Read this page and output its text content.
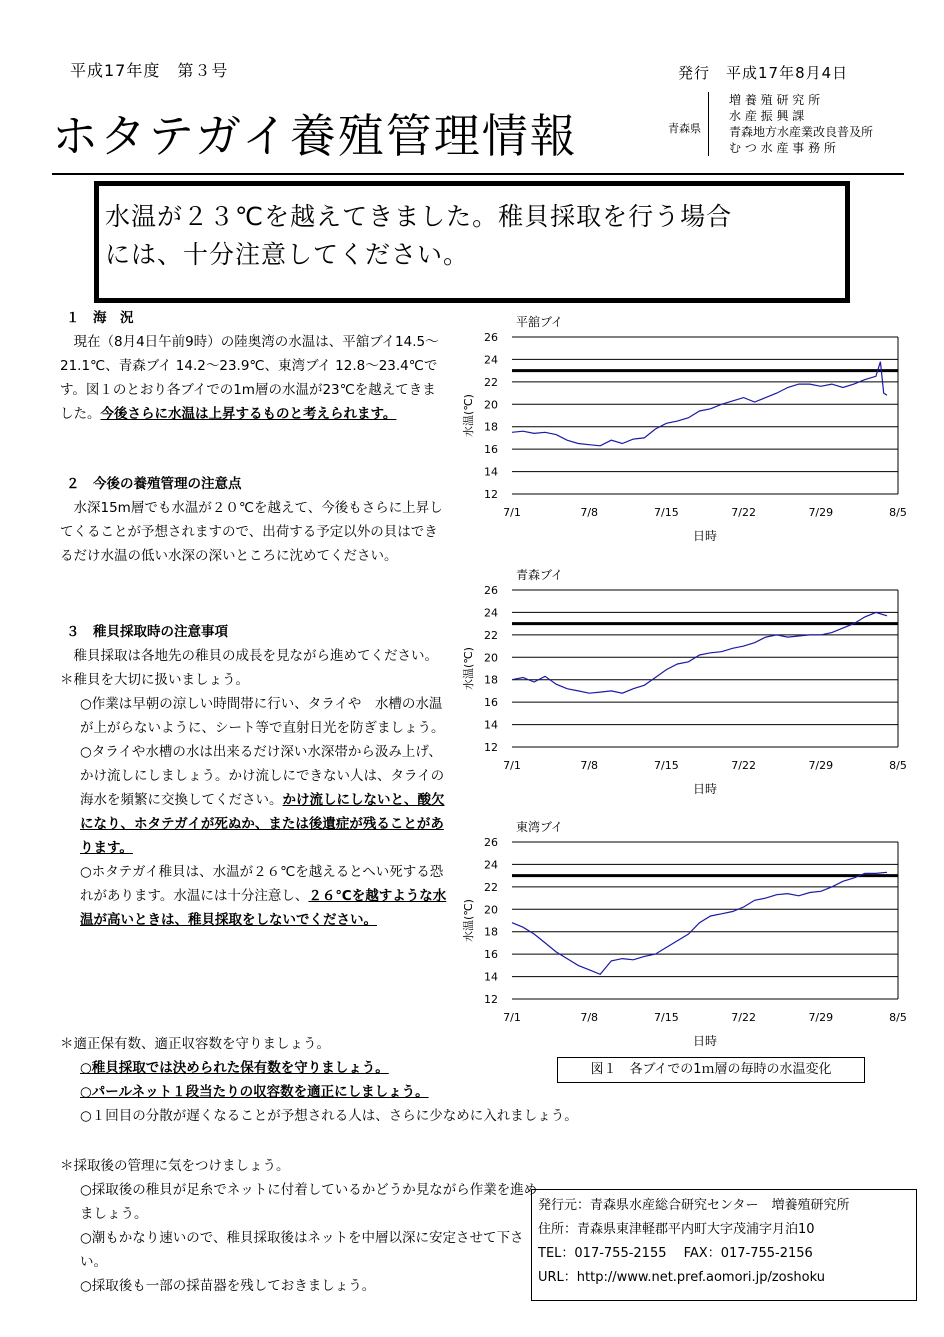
平成17年度　第３号	発行　平成17年8月4日
ホタテガイ養殖管理情報	青森県
増 養 殖 研 究 所
水 産 振 興 課
青森地方水産業改良普及所
む つ 水 産 事 務 所
水温が２３℃を越えてきました。稚貝採取を行う場合
には、十分注意してください。

１　海　況

　現在（8月4日午前9時）の陸奥湾の水温は、平舘ブイ14.5～21.1℃、青森ブイ 14.2～23.9℃、東湾ブイ 12.8～23.4℃です。図１のとおり各ブイでの1m層の水温が23℃を越えてきました。今後さらに水温は上昇するものと考えられます。

２　今後の養殖管理の注意点

　水深15m層でも水温が２０℃を越えて、今後もさらに上昇してくることが予想されますので、出荷する予定以外の貝はできるだけ水温の低い水深の深いところに沈めてください。

３　稚貝採取時の注意事項

　稚貝採取は各地先の稚貝の成長を見ながら進めてください。

＊稚貝を大切に扱いましょう。

○作業は早朝の涼しい時間帯に行い、タライや　水槽の水温が上がらないように、シート等で直射日光を防ぎましょう。

○タライや水槽の水は出来るだけ深い水深帯から汲み上げ、かけ流しにしましょう。かけ流しにできない人は、タライの海水を頻繁に交換してください。かけ流しにしないと、酸欠になり、ホタテガイが死ぬか、または後遺症が残ることがあります。

○ホタテガイ稚貝は、水温が２６℃を越えるとへい死する恐れがあります。水温には十分注意し、２６℃を越すような水温が高いときは、稚貝採取をしないでください。

＊適正保有数、適正収容数を守りましょう。

○稚貝採取では決められた保有数を守りましょう。

○パールネット１段当たりの収容数を適正にしましょう。

○１回目の分散が遅くなることが予想される人は、さらに少なめに入れましょう。

＊採取後の管理に気をつけましょう。

○採取後の稚貝が足糸でネットに付着しているかどうか見ながら作業を進めましょう。

○潮もかなり速いので、稚貝採取後はネットを中層以深に安定させて下さい。

○採取後も一部の採苗器を残しておきましょう。

平舘ブイ
12
14
16
18
20
22
24
26
7/1	7/8	7/15	7/22	7/29	8/5
水温(℃)
日時
青森ブイ
12
14
16
18
20
22
24
26
7/1	7/8	7/15	7/22	7/29	8/5
水温(℃)
日時
東湾ブイ
12
14
16
18
20
22
24
26
7/1	7/8	7/15	7/22	7/29	8/5
水温(℃)
日時
図１　各ブイでの1ｍ層の毎時の水温変化
発行元：青森県水産総合研究センター　増養殖研究所
住所：青森県東津軽郡平内町大字茂浦字月泊10
TEL：017-755-2155　 FAX：017-755-2156
URL：http://www.net.pref.aomori.jp/zoshoku
